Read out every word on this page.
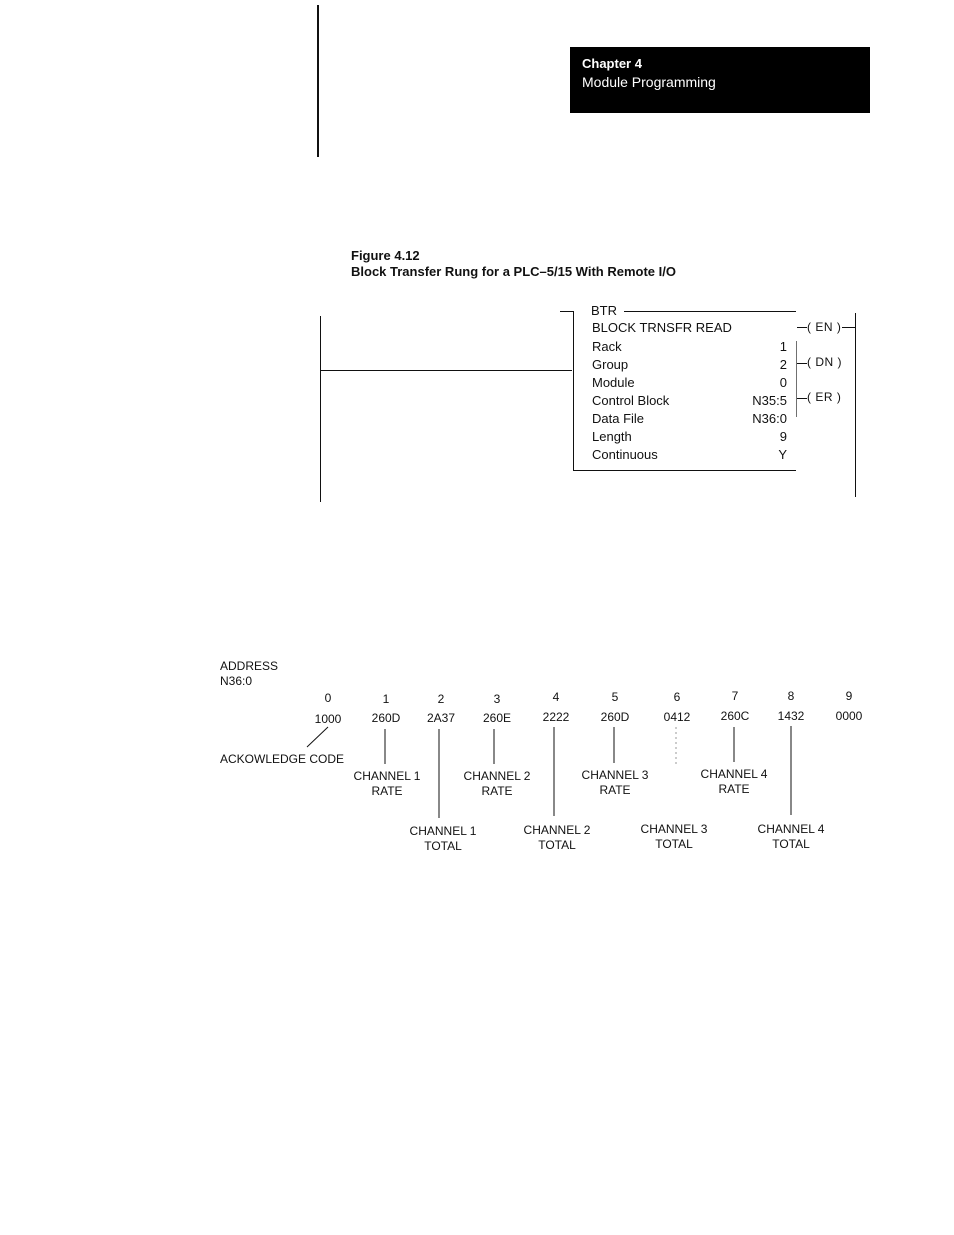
Chapter 4
Module Programming
Figure 4.12
Block Transfer Rung for a PLC–5/15 With Remote I/O
BTR
BLOCK TRNSFR READ
Rack	1
Group	2
Module	0
Control Block	N35:5
Data File	N36:0
Length	9
Continuous	Y
( EN )
( DN )
( ER )
ADDRESS
N36:0
0	1	2	3	4	5	6	7	8	9
1000	260D	2A37	260E	2222	260D	0412	260C	1432	0000
ACKOWLEDGE CODE
CHANNEL 1
RATE
CHANNEL 2
RATE
CHANNEL 3
RATE
CHANNEL 4
RATE
CHANNEL 1
TOTAL
CHANNEL 2
TOTAL
CHANNEL 3
TOTAL
CHANNEL 4
TOTAL
